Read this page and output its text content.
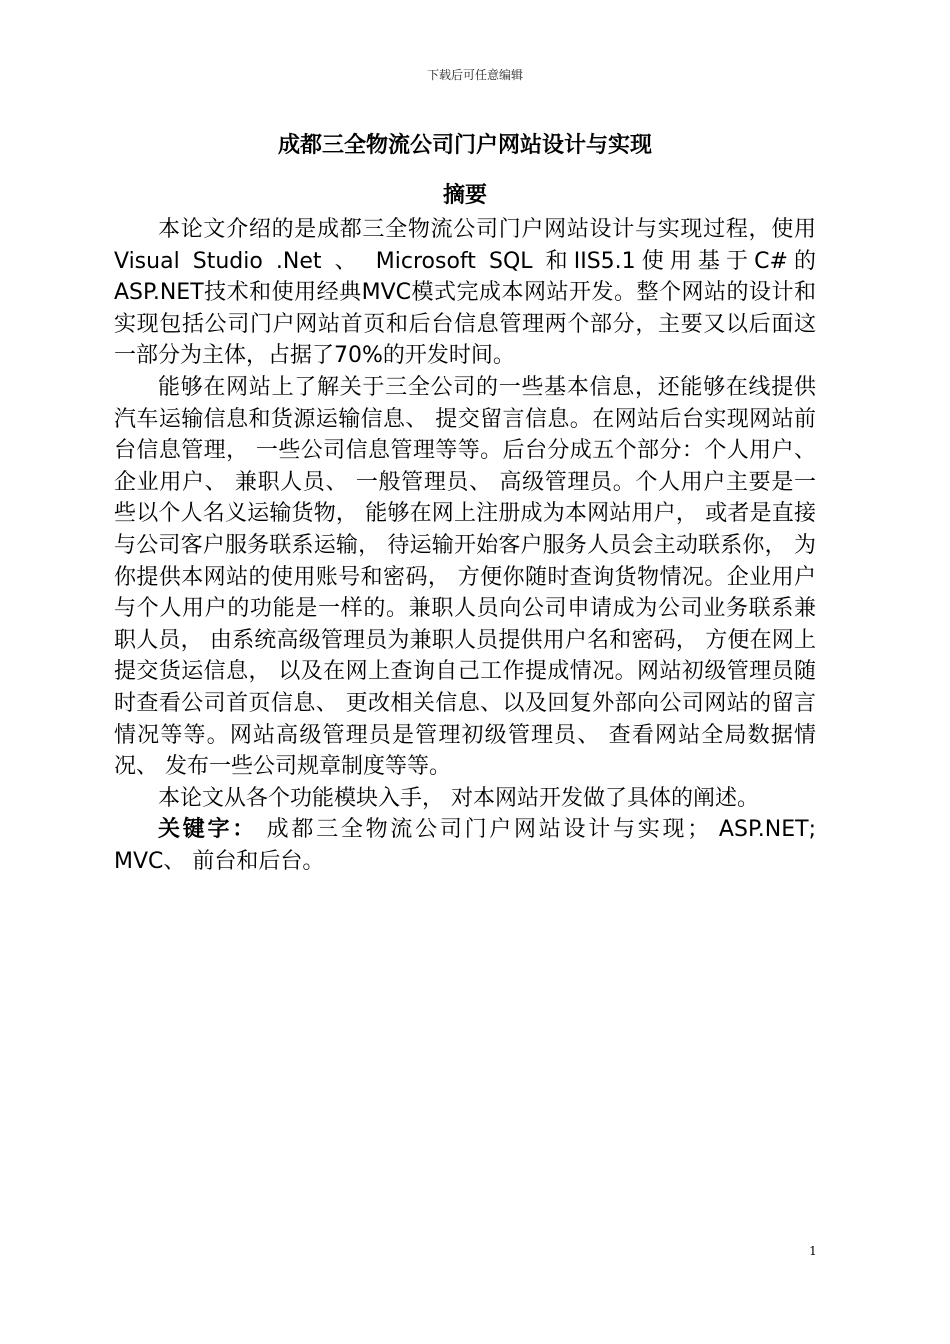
下载后可任意编辑
成都三全物流公司门户网站设计与实现
摘要

本论文介绍的是成都三全物流公司门户网站设计与实现过程，使用Visual Studio .Net 、 Microsoft SQL 和IIS5.1使用基于C#的ASP.NET技术和使用经典MVC模式完成本网站开发。整个网站的设计和实现包括公司门户网站首页和后台信息管理两个部分，主要又以后面这一部分为主体，占据了70%的开发时间。

能够在网站上了解关于三全公司的一些基本信息，还能够在线提供汽车运输信息和货源运输信息、 提交留言信息。在网站后台实现网站前台信息管理， 一些公司信息管理等等。后台分成五个部分：个人用户、 企业用户、 兼职人员、 一般管理员、 高级管理员。个人用户主要是一些以个人名义运输货物， 能够在网上注册成为本网站用户， 或者是直接与公司客户服务联系运输， 待运输开始客户服务人员会主动联系你， 为你提供本网站的使用账号和密码， 方便你随时查询货物情况。企业用户与个人用户的功能是一样的。兼职人员向公司申请成为公司业务联系兼职人员， 由系统高级管理员为兼职人员提供用户名和密码， 方便在网上提交货运信息， 以及在网上查询自己工作提成情况。网站初级管理员随时查看公司首页信息、 更改相关信息、以及回复外部向公司网站的留言情况等等。网站高级管理员是管理初级管理员、 查看网站全局数据情况、 发布一些公司规章制度等等。

本论文从各个功能模块入手， 对本网站开发做了具体的阐述。

关键字： 成都三全物流公司门户网站设计与实现； ASP.NET; MVC、 前台和后台。

1
